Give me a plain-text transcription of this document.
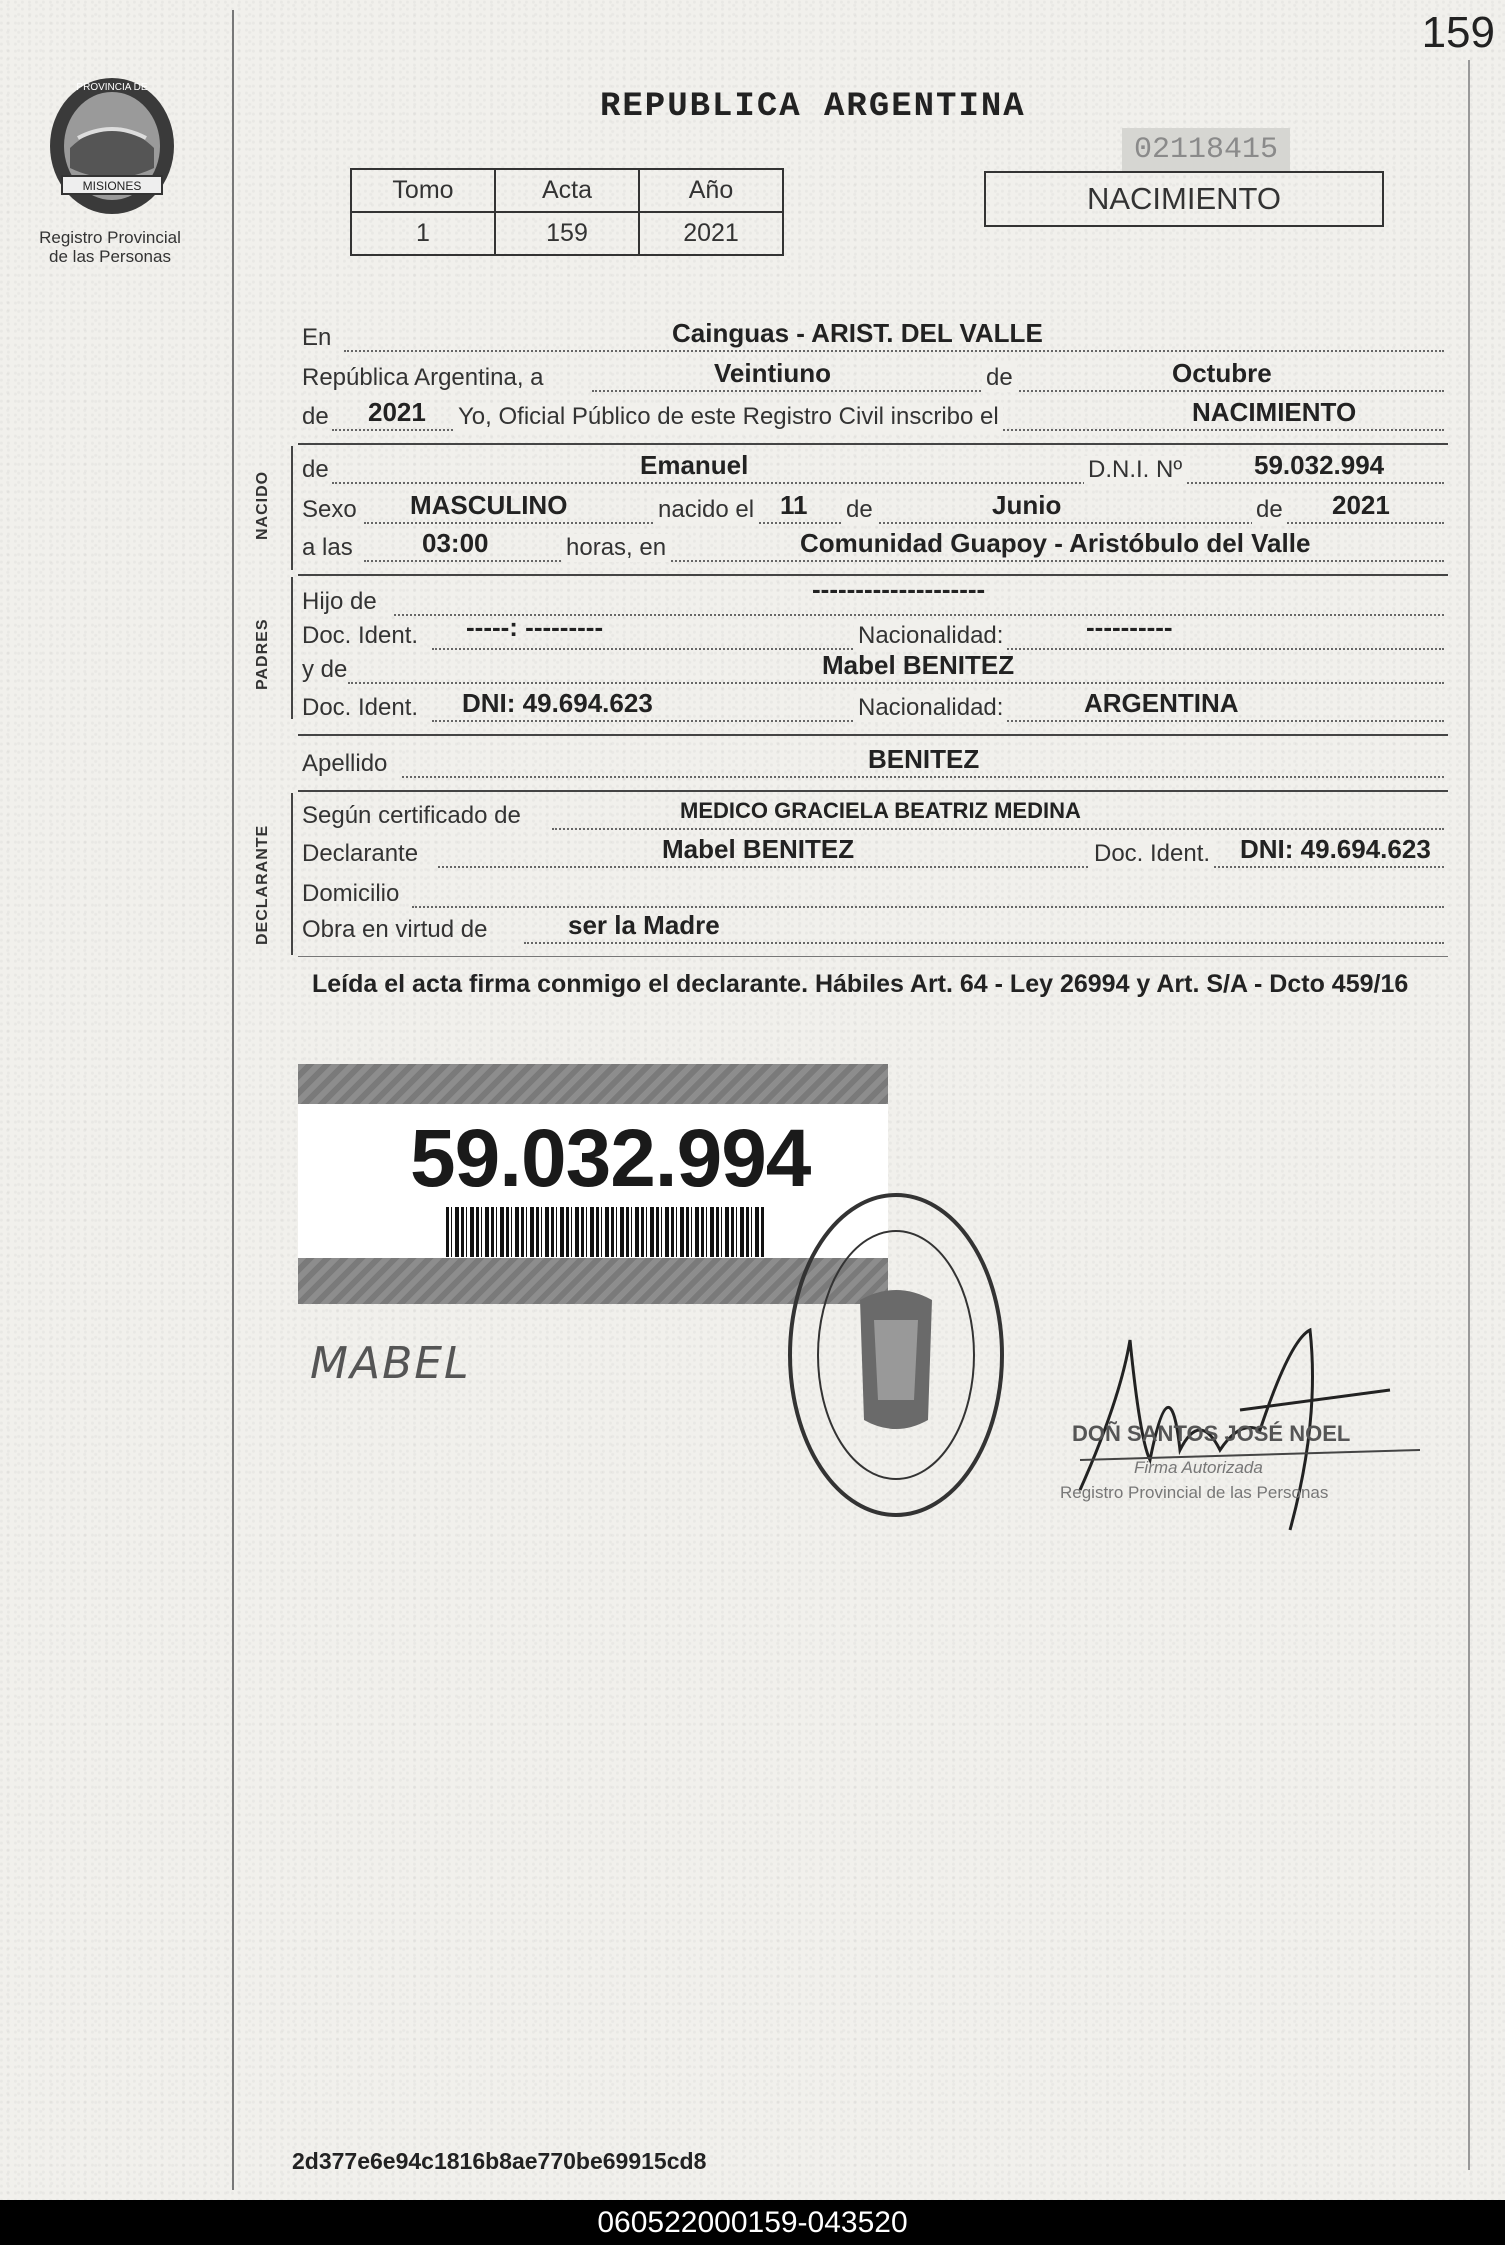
MISIONES
PROVINCIA DE
Registro Provincial
de las Personas
159
REPUBLICA ARGENTINA
02118415
NACIMIENTO
Tomo	Acta	Año
1	159	2021
En	Cainguas - ARIST. DEL VALLE
República Argentina, a	Veintiuno	de	Octubre
de 2021 Yo, Oficial Público de este Registro Civil inscribo el	NACIMIENTO
NACIDO
de	Emanuel	D.N.I. Nº	59.032.994
Sexo MASCULINO	nacido el 11 de	Junio	de 2021
a las	03:00	horas, en	Comunidad Guapoy - Aristóbulo del Valle
PADRES
Hijo de	--------------------
Doc. Ident. -----: ---------	Nacionalidad:	----------
y de	Mabel BENITEZ
Doc. Ident. DNI: 49.694.623	Nacionalidad:	ARGENTINA
Apellido	BENITEZ
DECLARANTE
Según certificado de	MEDICO GRACIELA BEATRIZ MEDINA
Declarante	Mabel BENITEZ	Doc. Ident. DNI: 49.694.623
Domicilio
Obra en virtud de	ser la Madre
Leída el acta firma conmigo el declarante. Hábiles Art. 64 - Ley 26994 y Art. S/A - Dcto 459/16
59.032.994
MABEL
DOÑ SANTOS JOSÉ NOEL
Firma Autorizada
Registro Provincial de las Personas
2d377e6e94c1816b8ae770be69915cd8
060522000159-043520
